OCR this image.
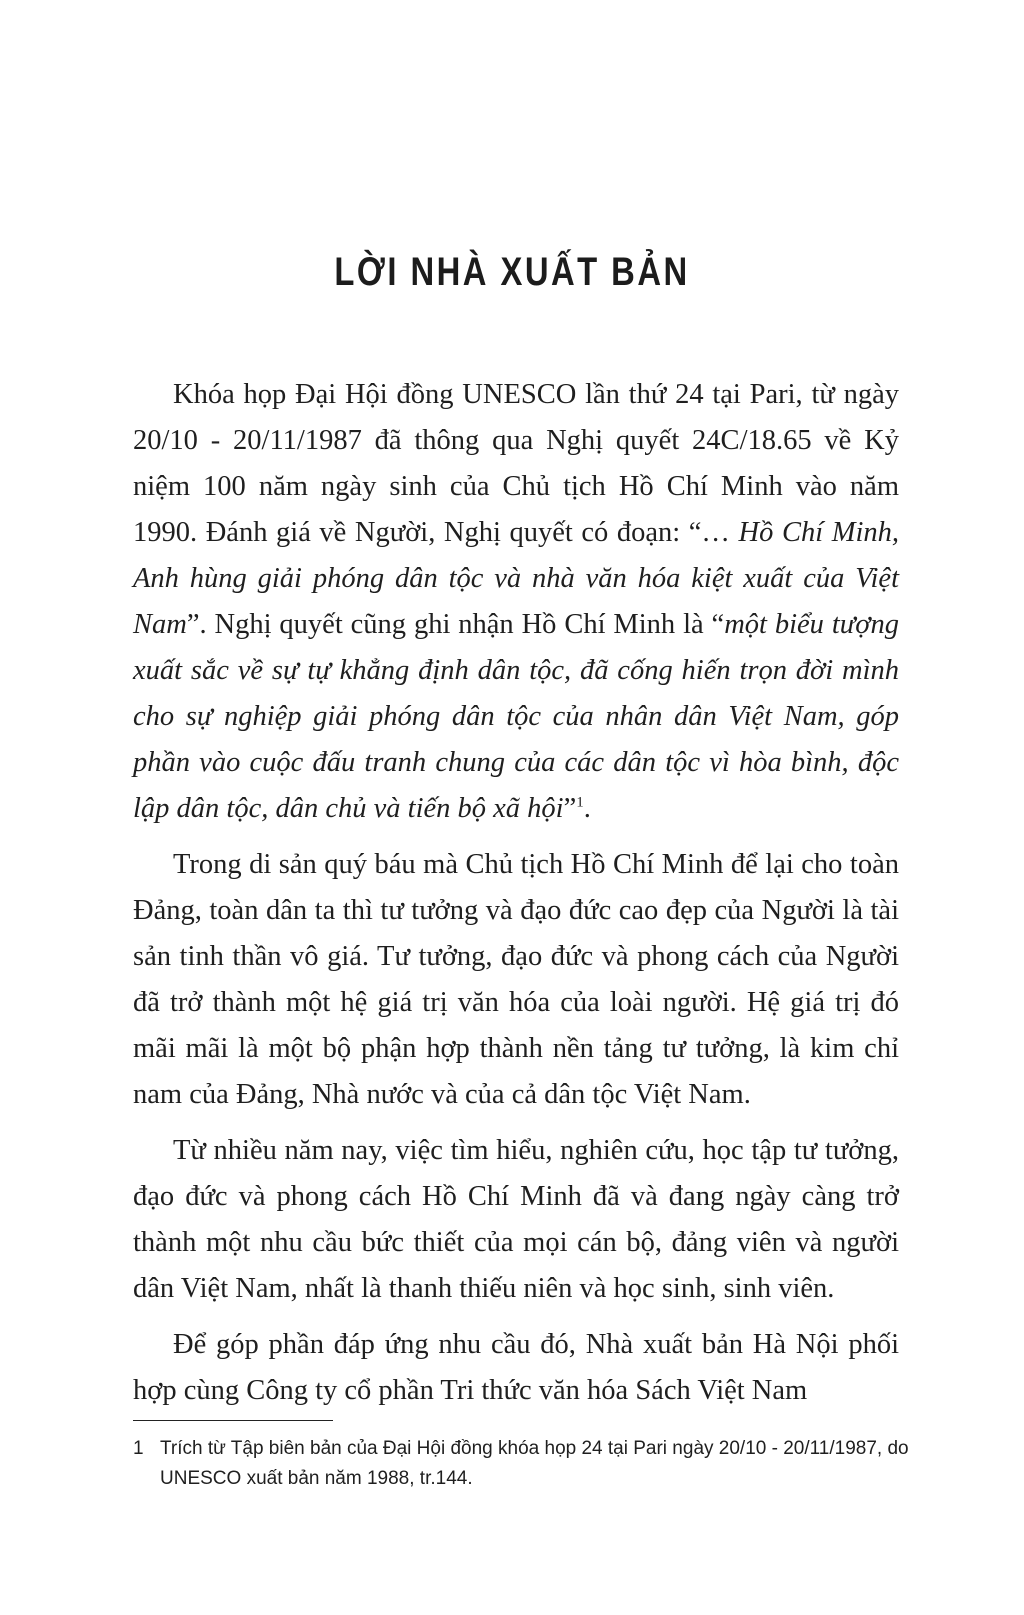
LỜI NHÀ XUẤT BẢN

Khóa họp Đại Hội đồng UNESCO lần thứ 24 tại Pari, từ ngày 20/10 - 20/11/1987 đã thông qua Nghị quyết 24C/18.65 về Kỷ niệm 100 năm ngày sinh của Chủ tịch Hồ Chí Minh vào năm 1990. Đánh giá về Người, Nghị quyết có đoạn: “… Hồ Chí Minh, Anh hùng giải phóng dân tộc và nhà văn hóa kiệt xuất của Việt Nam”. Nghị quyết cũng ghi nhận Hồ Chí Minh là “một biểu tượng xuất sắc về sự tự khẳng định dân tộc, đã cống hiến trọn đời mình cho sự nghiệp giải phóng dân tộc của nhân dân Việt Nam, góp phần vào cuộc đấu tranh chung của các dân tộc vì hòa bình, độc lập dân tộc, dân chủ và tiến bộ xã hội”$^1$.

Trong di sản quý báu mà Chủ tịch Hồ Chí Minh để lại cho toàn Đảng, toàn dân ta thì tư tưởng và đạo đức cao đẹp của Người là tài sản tinh thần vô giá. Tư tưởng, đạo đức và phong cách của Người đã trở thành một hệ giá trị văn hóa của loài người. Hệ giá trị đó mãi mãi là một bộ phận hợp thành nền tảng tư tưởng, là kim chỉ nam của Đảng, Nhà nước và của cả dân tộc Việt Nam.

Từ nhiều năm nay, việc tìm hiểu, nghiên cứu, học tập tư tưởng, đạo đức và phong cách Hồ Chí Minh đã và đang ngày càng trở thành một nhu cầu bức thiết của mọi cán bộ, đảng viên và người dân Việt Nam, nhất là thanh thiếu niên và học sinh, sinh viên.

Để góp phần đáp ứng nhu cầu đó, Nhà xuất bản Hà Nội phối hợp cùng Công ty cổ phần Tri thức văn hóa Sách Việt Nam

1 Trích từ Tập biên bản của Đại Hội đồng khóa họp 24 tại Pari ngày 20/10 - 20/11/1987, do UNESCO xuất bản năm 1988, tr.144.
